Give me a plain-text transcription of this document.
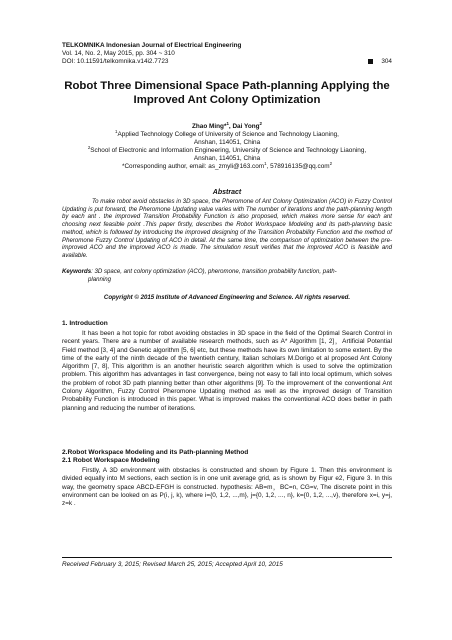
TELKOMNIKA Indonesian Journal of Electrical Engineering
Vol. 14, No. 2, May 2015, pp. 304 ~ 310
DOI: 10.11591/telkomnika.v14i2.7723	304
Robot Three Dimensional Space Path-planning Applying the Improved Ant Colony Optimization
Zhao Ming*$^1$, Dai Yong$^2$
$^1$Applied Technology College of University of Science and Technology Liaoning,
Anshan, 114051, China
$^2$School of Electronic and Information Engineering, University of Science and Technology Liaoning,
Anshan, 114051, China
*Corresponding author, email: as_zmyli@163.com$^1$, 578916135@qq.com$^2$
Abstract
To make robot avoid obstacles in 3D space, the Pheromone of Ant Colony Optimization (ACO) in Fuzzy Control Updating is put forward, the Pheromone Updating value varies with The number of iterations and the path-planning length by each ant . the improved Transition Probability Function is also proposed, which makes more sense for each ant choosing next feasible point .This paper firstly, describes the Robot Workspace Modeling and its path-planning basic method, which is followed by introducing the improved designing of the Transition Probability Function and the method of Pheromone Fuzzy Control Updating of ACO in detail. At the same time, the comparison of optimization between the pre-improved ACO and the improved ACO is made. The simulation result verifies that the improved ACO is feasible and available.
Keywords: 3D space, ant colony optimization (ACO), pheromone, transition probability function, path-
planning
Copyright © 2015 Institute of Advanced Engineering and Science. All rights reserved.
1. Introduction
It has been a hot topic for robot avoiding obstacles in 3D space in the field of the Optimal Search Control in recent years. There are a number of available research methods, such as A* Algorithm [1, 2]，Artificial Potential Field method [3, 4] and Genetic algorithm [5, 6] etc, but these methods have its own limitation to some extent. By the time of the early of the ninth decade of the twentieth century, Italian scholars M.Dorigo et al proposed Ant Colony Algorithm [7, 8], This algorithm is an another heuristic search algorithm which is used to solve the optimization problem. This algorithm has advantages in fast convergence, being not easy to fall into local optimum, which solves the problem of robot 3D path planning better than other algorithms [9]. To the improvement of the conventional Ant Colony Algorithm, Fuzzy Control Pheromone Updating method as well as the improved design of Transition Probability Function is introduced in this paper. What is improved makes the conventional ACO does better in path planning and reducing the number of iterations.
2.Robot Workspace Modeling and its Path-planning Method
2.1 Robot Workspace Modeling
Firstly, A 3D environment with obstacles is constructed and shown by Figure 1. Then this environment is divided equally into M sections, each section is in one unit average grid, as is shown by Figur e2, Figure 3. In this way, the geometry space ABCD-EFGH is constructed. hypothesis: AB=m，BC=n, CG=v, The discrete point in this environment can be looked on as P(i, j, k), where i={0, 1,2, ...,m}, j={0, 1,2, ..., n}, k={0, 1,2, ...,v}, therefore x=i, y=j, z=k .
Received February 3, 2015; Revised March 25, 2015; Accepted April 10, 2015
